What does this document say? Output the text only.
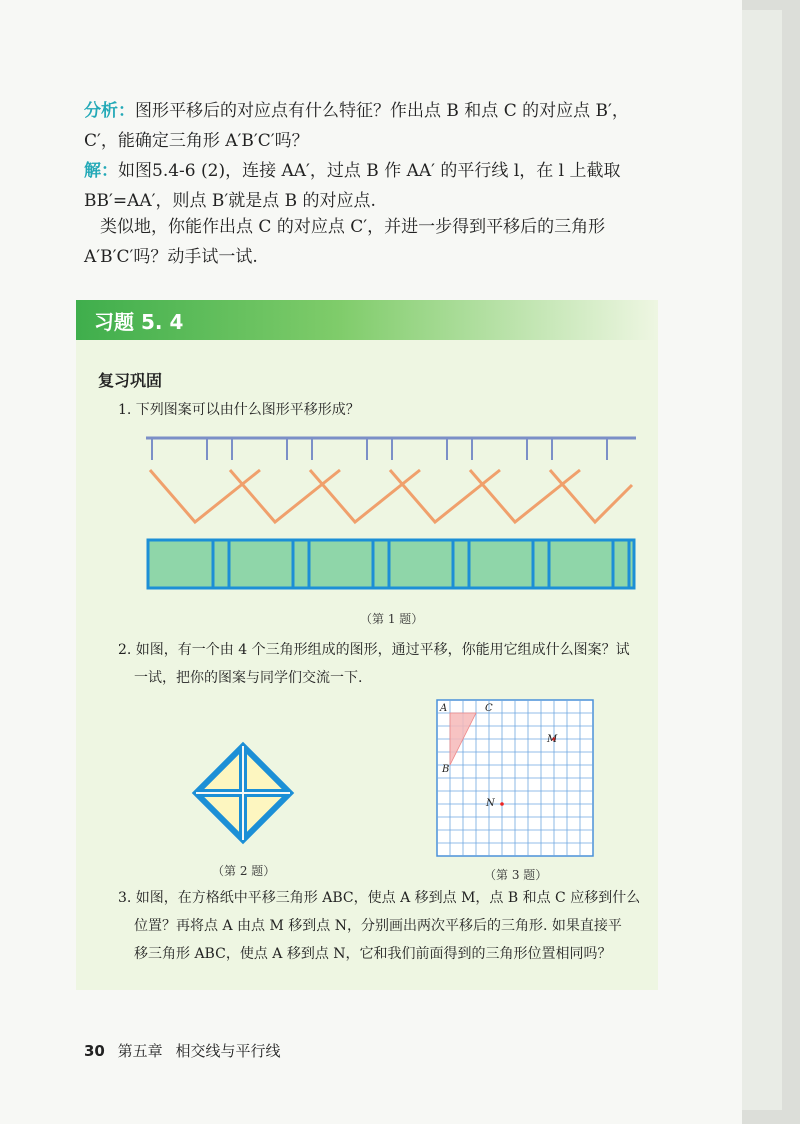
分析：图形平移后的对应点有什么特征？作出点 B 和点 C 的对应点 B′，
C′，能确定三角形 A′B′C′吗？
解：如图5.4-6 (2)，连接 AA′，过点 B 作 AA′ 的平行线 l，在 l 上截取
BB′=AA′，则点 B′就是点 B 的对应点.
类似地，你能作出点 C 的对应点 C′，并进一步得到平移后的三角形
A′B′C′吗？动手试一试.
习题 5. 4
复习巩固
1. 下列图案可以由什么图形平移形成？
（第 1 题）
2. 如图，有一个由 4 个三角形组成的图形，通过平移，你能用它组成什么图案？试
一试，把你的图案与同学们交流一下.
（第 2 题）
A	C
B
M
N
（第 3 题）
3. 如图，在方格纸中平移三角形 ABC，使点 A 移到点 M，点 B 和点 C 应移到什么
位置？再将点 A 由点 M 移到点 N，分别画出两次平移后的三角形. 如果直接平
移三角形 ABC，使点 A 移到点 N，它和我们前面得到的三角形位置相同吗？
30 第五章 相交线与平行线
